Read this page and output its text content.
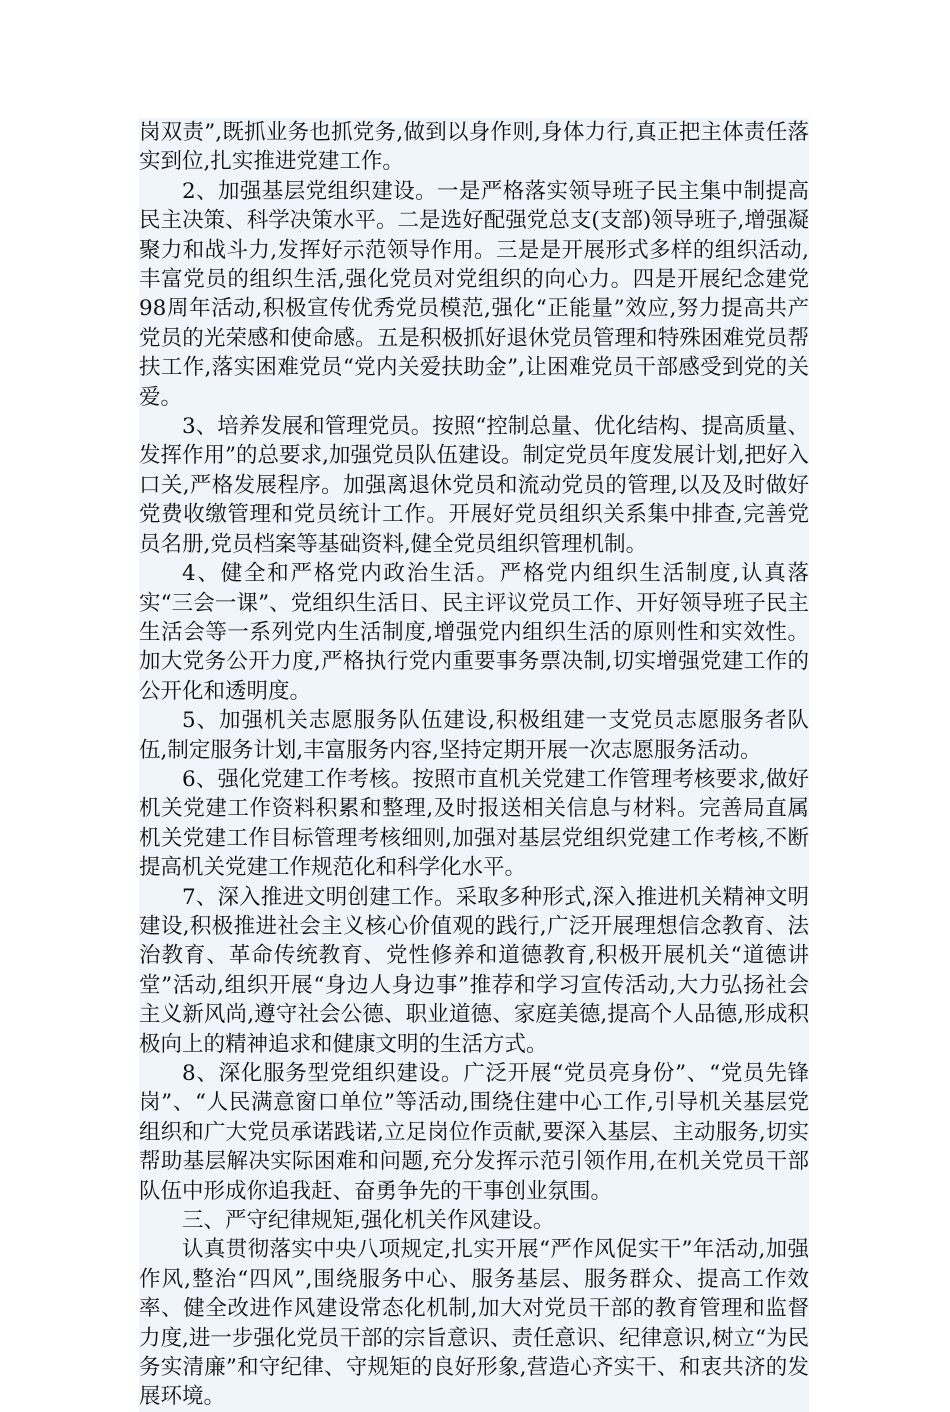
岗双责”,既抓业务也抓党务,做到以身作则,身体力行,真正把主体责任落实到位,扎实推进党建工作。

2、加强基层党组织建设。一是严格落实领导班子民主集中制提高民主决策、科学决策水平。二是选好配强党总支(支部)领导班子,增强凝聚力和战斗力,发挥好示范领导作用。三是是开展形式多样的组织活动,丰富党员的组织生活,强化党员对党组织的向心力。四是开展纪念建党98周年活动,积极宣传优秀党员模范,强化“正能量”效应,努力提高共产党员的光荣感和使命感。五是积极抓好退休党员管理和特殊困难党员帮扶工作,落实困难党员“党内关爱扶助金”,让困难党员干部感受到党的关爱。

3、培养发展和管理党员。按照“控制总量、优化结构、提高质量、发挥作用”的总要求,加强党员队伍建设。制定党员年度发展计划,把好入口关,严格发展程序。加强离退休党员和流动党员的管理,以及及时做好党费收缴管理和党员统计工作。开展好党员组织关系集中排查,完善党员名册,党员档案等基础资料,健全党员组织管理机制。

4、健全和严格党内政治生活。严格党内组织生活制度,认真落实“三会一课”、党组织生活日、民主评议党员工作、开好领导班子民主生活会等一系列党内生活制度,增强党内组织生活的原则性和实效性。加大党务公开力度,严格执行党内重要事务票决制,切实增强党建工作的公开化和透明度。

5、加强机关志愿服务队伍建设,积极组建一支党员志愿服务者队伍,制定服务计划,丰富服务内容,坚持定期开展一次志愿服务活动。

6、强化党建工作考核。按照市直机关党建工作管理考核要求,做好机关党建工作资料积累和整理,及时报送相关信息与材料。完善局直属机关党建工作目标管理考核细则,加强对基层党组织党建工作考核,不断提高机关党建工作规范化和科学化水平。

7、深入推进文明创建工作。采取多种形式,深入推进机关精神文明建设,积极推进社会主义核心价值观的践行,广泛开展理想信念教育、法治教育、革命传统教育、党性修养和道德教育,积极开展机关“道德讲堂”活动,组织开展“身边人身边事”推荐和学习宣传活动,大力弘扬社会主义新风尚,遵守社会公德、职业道德、家庭美德,提高个人品德,形成积极向上的精神追求和健康文明的生活方式。

8、深化服务型党组织建设。广泛开展“党员亮身份”、“党员先锋岗”、“人民满意窗口单位”等活动,围绕住建中心工作,引导机关基层党组织和广大党员承诺践诺,立足岗位作贡献,要深入基层、主动服务,切实帮助基层解决实际困难和问题,充分发挥示范引领作用,在机关党员干部队伍中形成你追我赶、奋勇争先的干事创业氛围。

三、严守纪律规矩,强化机关作风建设。

认真贯彻落实中央八项规定,扎实开展“严作风促实干”年活动,加强作风,整治“四风”,围绕服务中心、服务基层、服务群众、提高工作效率、健全改进作风建设常态化机制,加大对党员干部的教育管理和监督力度,进一步强化党员干部的宗旨意识、责任意识、纪律意识,树立“为民务实清廉”和守纪律、守规矩的良好形象,营造心齐实干、和衷共济的发展环境。
